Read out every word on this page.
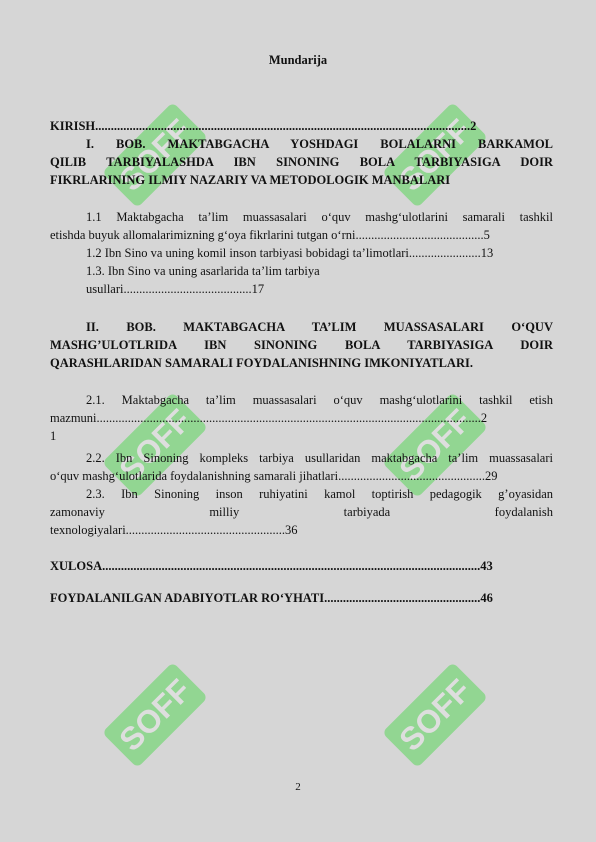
SOFF	SOFF
SOFF	SOFF
SOFF	SOFF
Mundarija
KIRISH........................................................................................................................2
I. BOB. MAKTABGACHA YOSHDAGI BOLALARNI BARKAMOL
QILIB TARBIYALASHDA IBN SINONING BOLA TARBIYASIGA DOIR
FIKRLARINING ILMIY NAZARIY VA METODOLOGIK MANBALARI
1.1 Maktabgacha ta’lim muassasalari o‘quv mashg‘ulotlarini samarali tashkil
etishda buyuk allomalarimizning g‘oya fikrlarini tutgan o‘rni.........................................5
1.2 Ibn Sino va uning komil inson tarbiyasi bobidagi ta’limotlari.......................13
1.3. Ibn Sino va uning asarlarida ta’lim tarbiya
usullari.........................................17
II. BOB. MAKTABGACHA TA’LIM MUASSASALARI O‘QUV
MASHG’ULOTLRIDA IBN SINONING BOLA TARBIYASIGA DOIR
QARASHLARIDAN SAMARALI FOYDALANISHNING IMKONIYATLARI.
2.1. Maktabgacha ta’lim muassasalari o‘quv mashg‘ulotlarini tashkil etish
mazmuni...........................................................................................................................2
1
2.2. Ibn Sinoning kompleks tarbiya usullaridan maktabgacha ta’lim muassasalari
o‘quv mashg‘ulotlarida foydalanishning samarali jihatlari...............................................29
2.3. Ibn Sinoning inson ruhiyatini kamol toptirish pedagogik g’oyasidan
zamonaviy milliy tarbiyada foydalanish
texnologiyalari...................................................36
XULOSA.........................................................................................................................43
FOYDALANILGAN ADABIYOTLAR RO‘YHATI..................................................46
2
